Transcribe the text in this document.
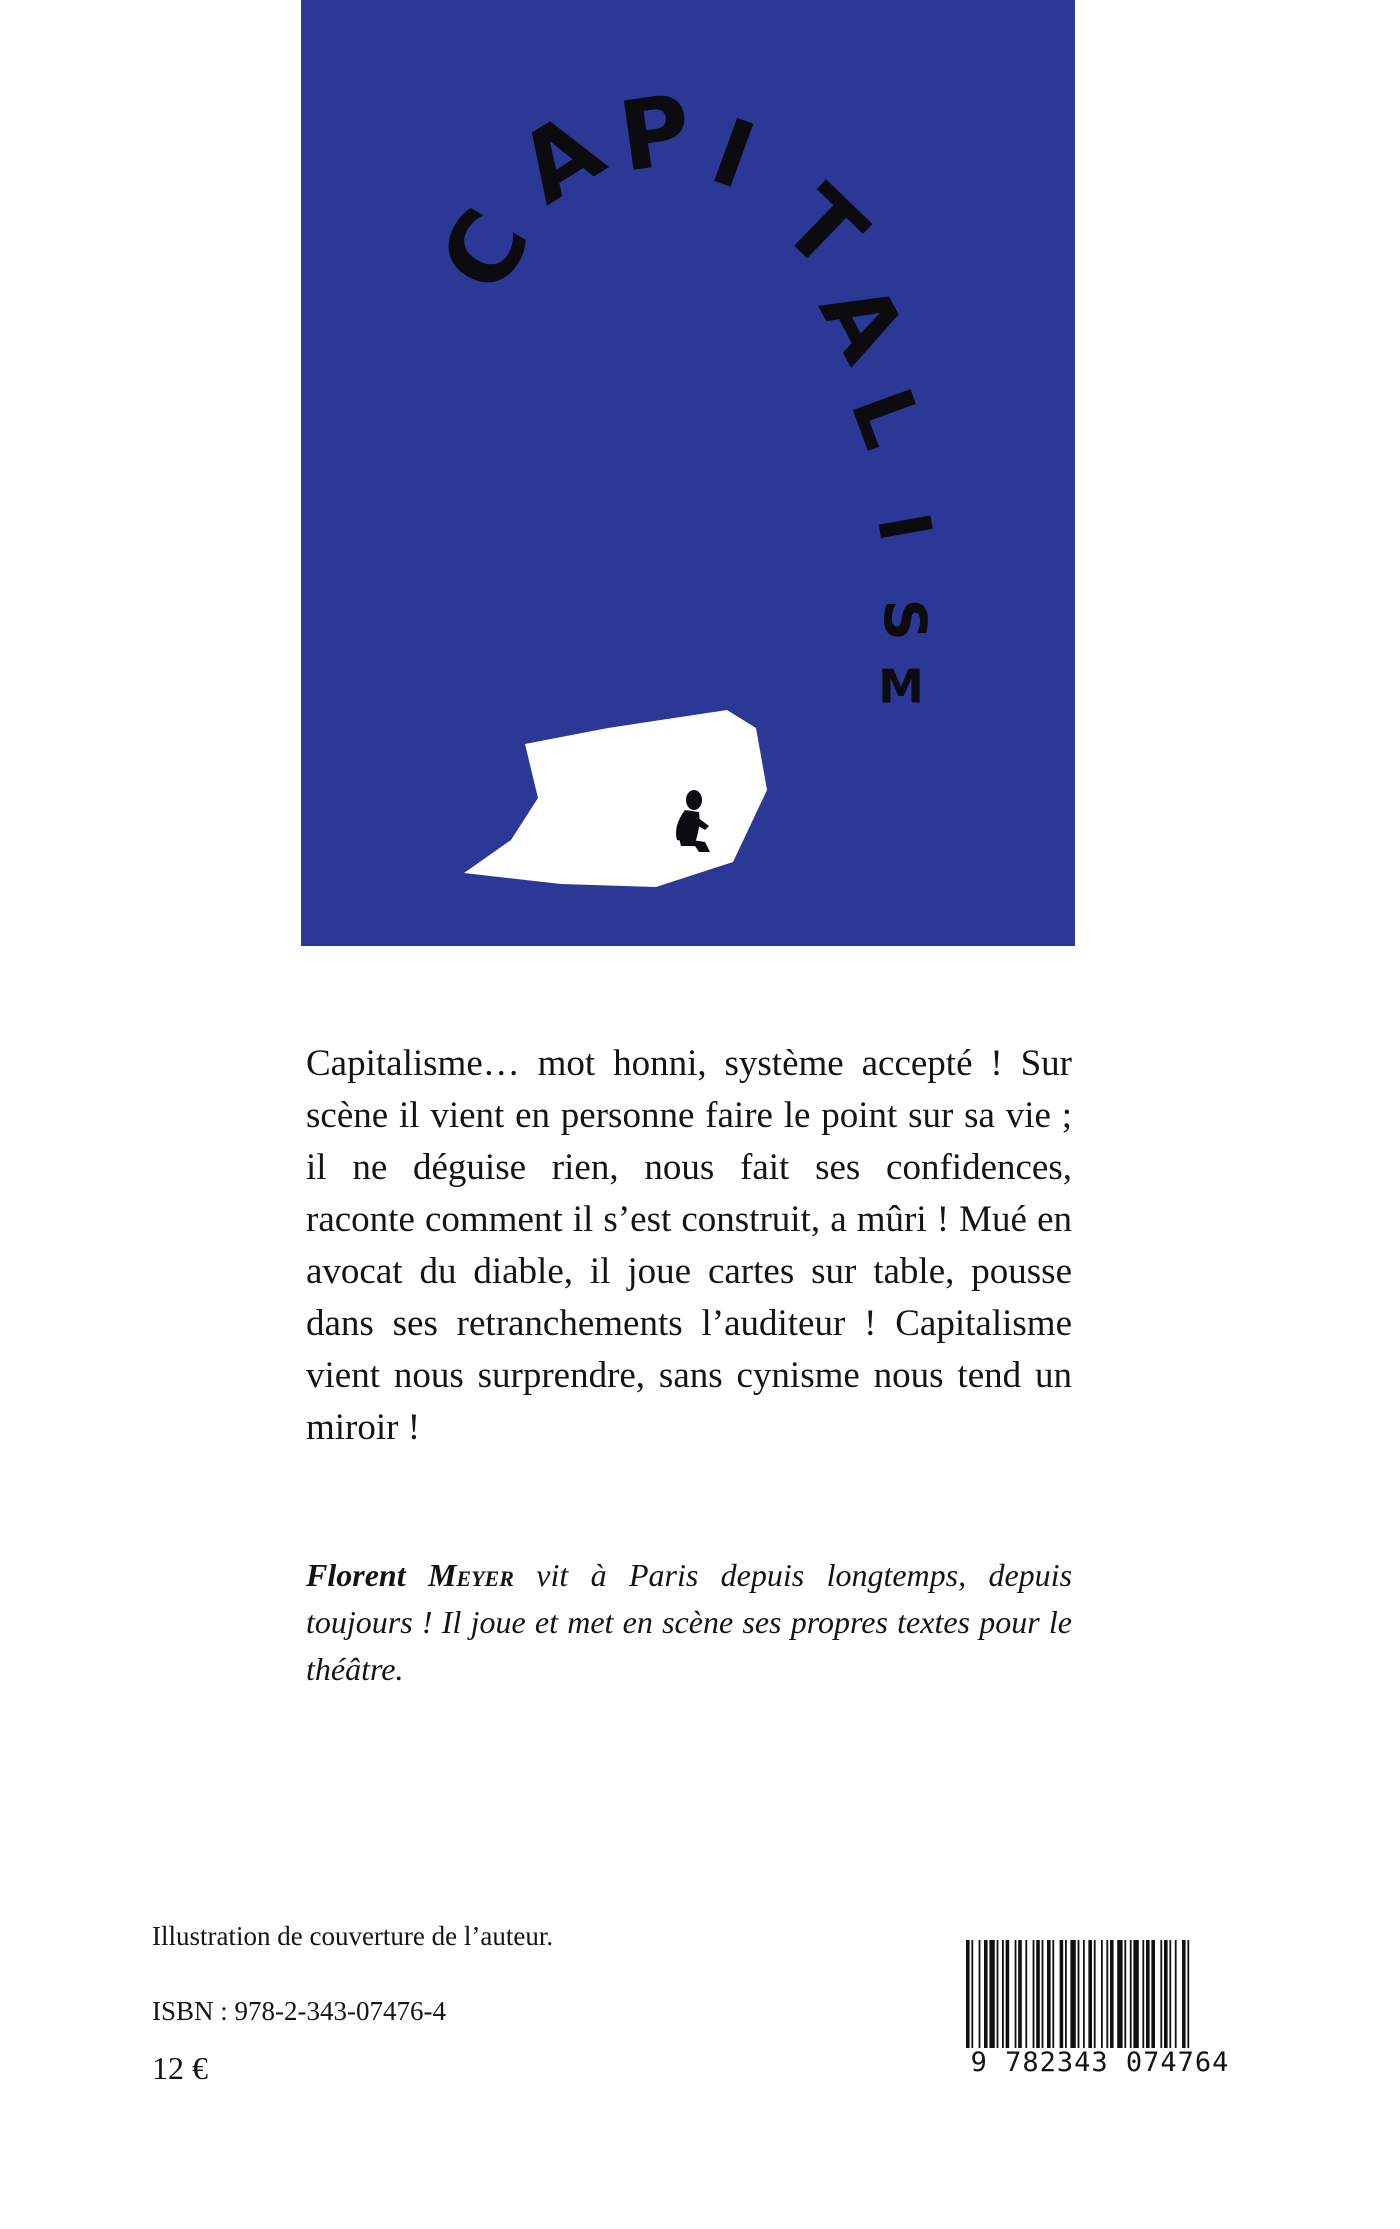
C
A
P I
T
A
L
I
S
M

Capitalisme… mot honni, système accepté ! Sur scène il vient en personne faire le point sur sa vie ; il ne déguise rien, nous fait ses confidences, raconte comment il s’est construit, a mûri ! Mué en avocat du diable, il joue cartes sur table, pousse dans ses retranchements l’auditeur ! Capitalisme vient nous surprendre, sans cynisme nous tend un miroir !

Florent Meyer vit à Paris depuis longtemps, depuis toujours ! Il joue et met en scène ses propres textes pour le théâtre.

Illustration de couverture de l’auteur.
ISBN : 978-2-343-07476-4
12 €	9 782343 074764
